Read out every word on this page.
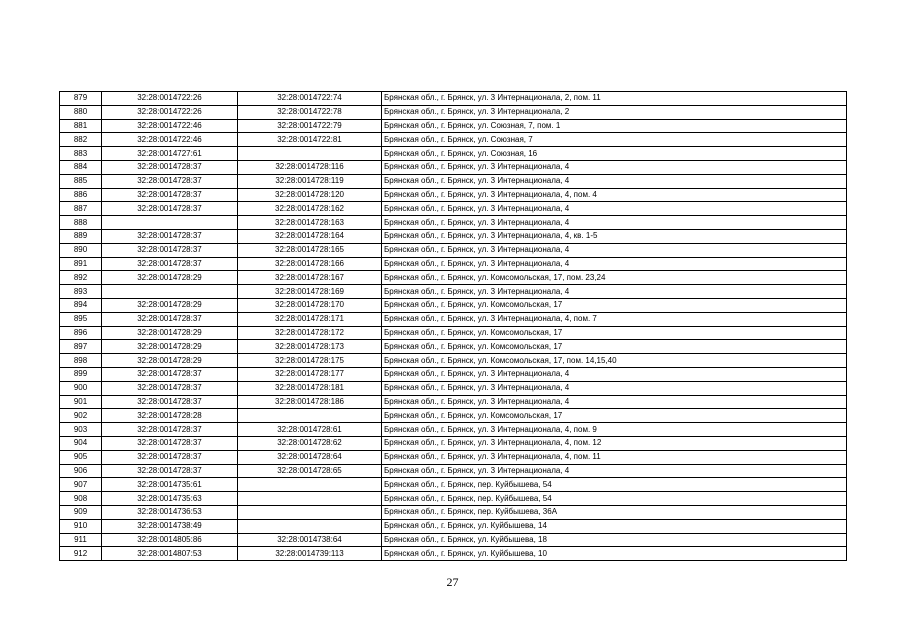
879	32:28:0014722:26	32:28:0014722:74	Брянская обл., г. Брянск, ул. 3 Интернационала, 2, пом. 11
880	32:28:0014722:26	32:28:0014722:78	Брянская обл., г. Брянск, ул. 3 Интернационала, 2
881	32:28:0014722:46	32:28:0014722:79	Брянская обл., г. Брянск, ул. Союзная, 7, пом. 1
882	32:28:0014722:46	32:28:0014722:81	Брянская обл., г. Брянск, ул. Союзная, 7
883	32:28:0014727:61		Брянская обл., г. Брянск, ул. Союзная, 16
884	32:28:0014728:37	32:28:0014728:116	Брянская обл., г. Брянск, ул. 3 Интернационала, 4
885	32:28:0014728:37	32:28:0014728:119	Брянская обл., г. Брянск, ул. 3 Интернационала, 4
886	32:28:0014728:37	32:28:0014728:120	Брянская обл., г. Брянск, ул. 3 Интернационала, 4, пом. 4
887	32:28:0014728:37	32:28:0014728:162	Брянская обл., г. Брянск, ул. 3 Интернационала, 4
888		32:28:0014728:163	Брянская обл., г. Брянск, ул. 3 Интернационала, 4
889	32:28:0014728:37	32:28:0014728:164	Брянская обл., г. Брянск, ул. 3 Интернационала, 4, кв. 1-5
890	32:28:0014728:37	32:28:0014728:165	Брянская обл., г. Брянск, ул. 3 Интернационала, 4
891	32:28:0014728:37	32:28:0014728:166	Брянская обл., г. Брянск, ул. 3 Интернационала, 4
892	32:28:0014728:29	32:28:0014728:167	Брянская обл., г. Брянск, ул. Комсомольская, 17, пом. 23,24
893		32:28:0014728:169	Брянская обл., г. Брянск, ул. 3 Интернационала, 4
894	32:28:0014728:29	32:28:0014728:170	Брянская обл., г. Брянск, ул. Комсомольская, 17
895	32:28:0014728:37	32:28:0014728:171	Брянская обл., г. Брянск, ул. 3 Интернационала, 4, пом. 7
896	32:28:0014728:29	32:28:0014728:172	Брянская обл., г. Брянск, ул. Комсомольская, 17
897	32:28:0014728:29	32:28:0014728:173	Брянская обл., г. Брянск, ул. Комсомольская, 17
898	32:28:0014728:29	32:28:0014728:175	Брянская обл., г. Брянск, ул. Комсомольская, 17, пом. 14,15,40
899	32:28:0014728:37	32:28:0014728:177	Брянская обл., г. Брянск, ул. 3 Интернационала, 4
900	32:28:0014728:37	32:28:0014728:181	Брянская обл., г. Брянск, ул. 3 Интернационала, 4
901	32:28:0014728:37	32:28:0014728:186	Брянская обл., г. Брянск, ул. 3 Интернационала, 4
902	32:28:0014728:28		Брянская обл., г. Брянск, ул. Комсомольская, 17
903	32:28:0014728:37	32:28:0014728:61	Брянская обл., г. Брянск, ул. 3 Интернационала, 4, пом. 9
904	32:28:0014728:37	32:28:0014728:62	Брянская обл., г. Брянск, ул. 3 Интернационала, 4, пом. 12
905	32:28:0014728:37	32:28:0014728:64	Брянская обл., г. Брянск, ул. 3 Интернационала, 4, пом. 11
906	32:28:0014728:37	32:28:0014728:65	Брянская обл., г. Брянск, ул. 3 Интернационала, 4
907	32:28:0014735:61		Брянская обл., г. Брянск, пер. Куйбышева, 54
908	32:28:0014735:63		Брянская обл., г. Брянск, пер. Куйбышева, 54
909	32:28:0014736:53		Брянская обл., г. Брянск, пер. Куйбышева, 36А
910	32:28:0014738:49		Брянская обл., г. Брянск, ул. Куйбышева, 14
911	32:28:0014805:86	32:28:0014738:64	Брянская обл., г. Брянск, ул. Куйбышева, 18
912	32:28:0014807:53	32:28:0014739:113	Брянская обл., г. Брянск, ул. Куйбышева, 10
27
